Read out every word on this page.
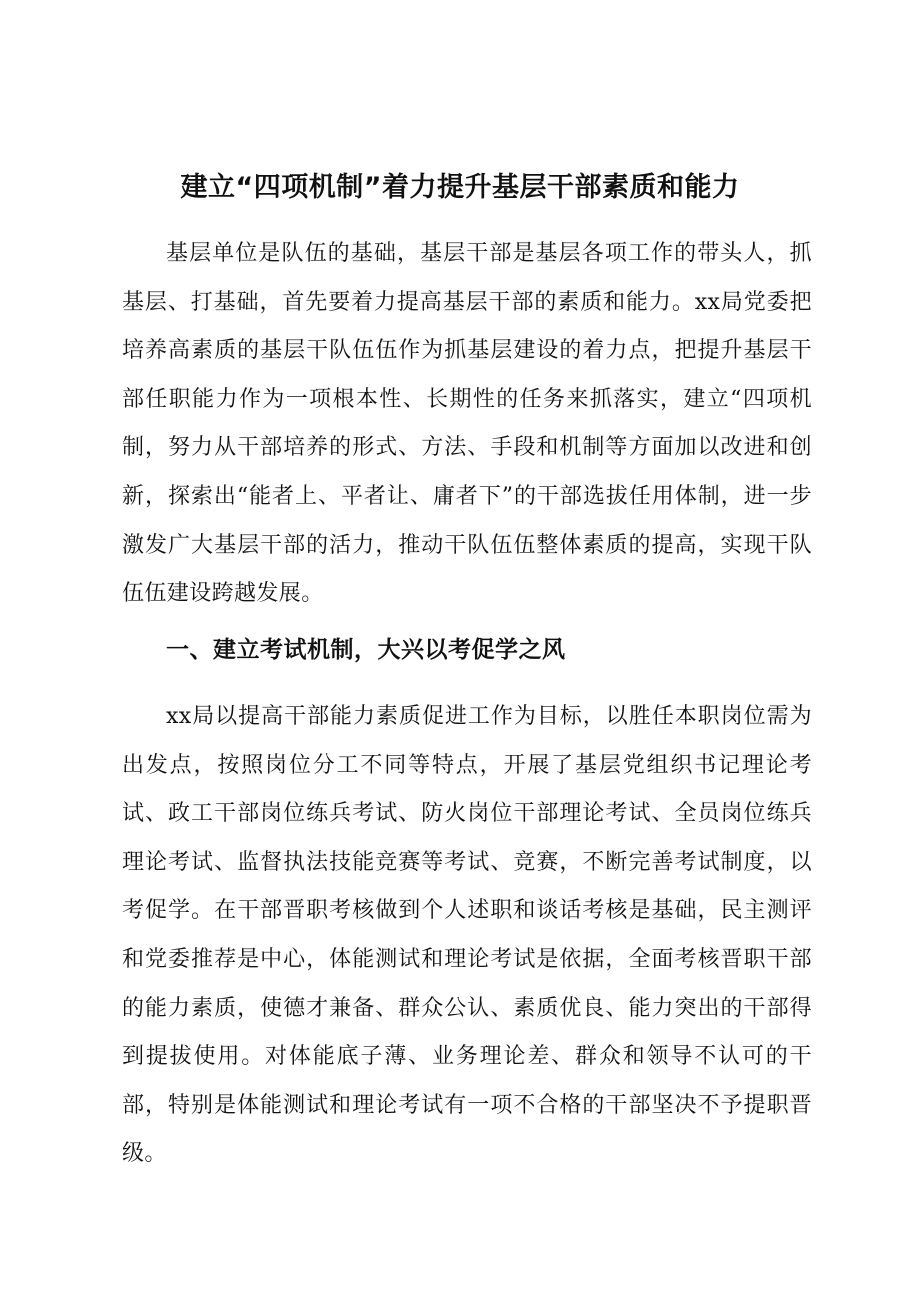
建立“四项机制”着力提升基层干部素质和能力

基层单位是队伍的基础，基层干部是基层各项工作的带头人，抓基层、打基础，首先要着力提高基层干部的素质和能力。xx局党委把培养高素质的基层干队伍伍作为抓基层建设的着力点，把提升基层干部任职能力作为一项根本性、长期性的任务来抓落实，建立“四项机制，努力从干部培养的形式、方法、手段和机制等方面加以改进和创新，探索出“能者上、平者让、庸者下”的干部选拔任用体制，进一步激发广大基层干部的活力，推动干队伍伍整体素质的提高，实现干队伍伍建设跨越发展。

一、建立考试机制，大兴以考促学之风

xx局以提高干部能力素质促进工作为目标，以胜任本职岗位需为出发点，按照岗位分工不同等特点，开展了基层党组织书记理论考试、政工干部岗位练兵考试、防火岗位干部理论考试、全员岗位练兵理论考试、监督执法技能竞赛等考试、竞赛，不断完善考试制度，以考促学。在干部晋职考核做到个人述职和谈话考核是基础，民主测评和党委推荐是中心，体能测试和理论考试是依据，全面考核晋职干部的能力素质，使德才兼备、群众公认、素质优良、能力突出的干部得到提拔使用。对体能底子薄、业务理论差、群众和领导不认可的干部，特别是体能测试和理论考试有一项不合格的干部坚决不予提职晋级。
